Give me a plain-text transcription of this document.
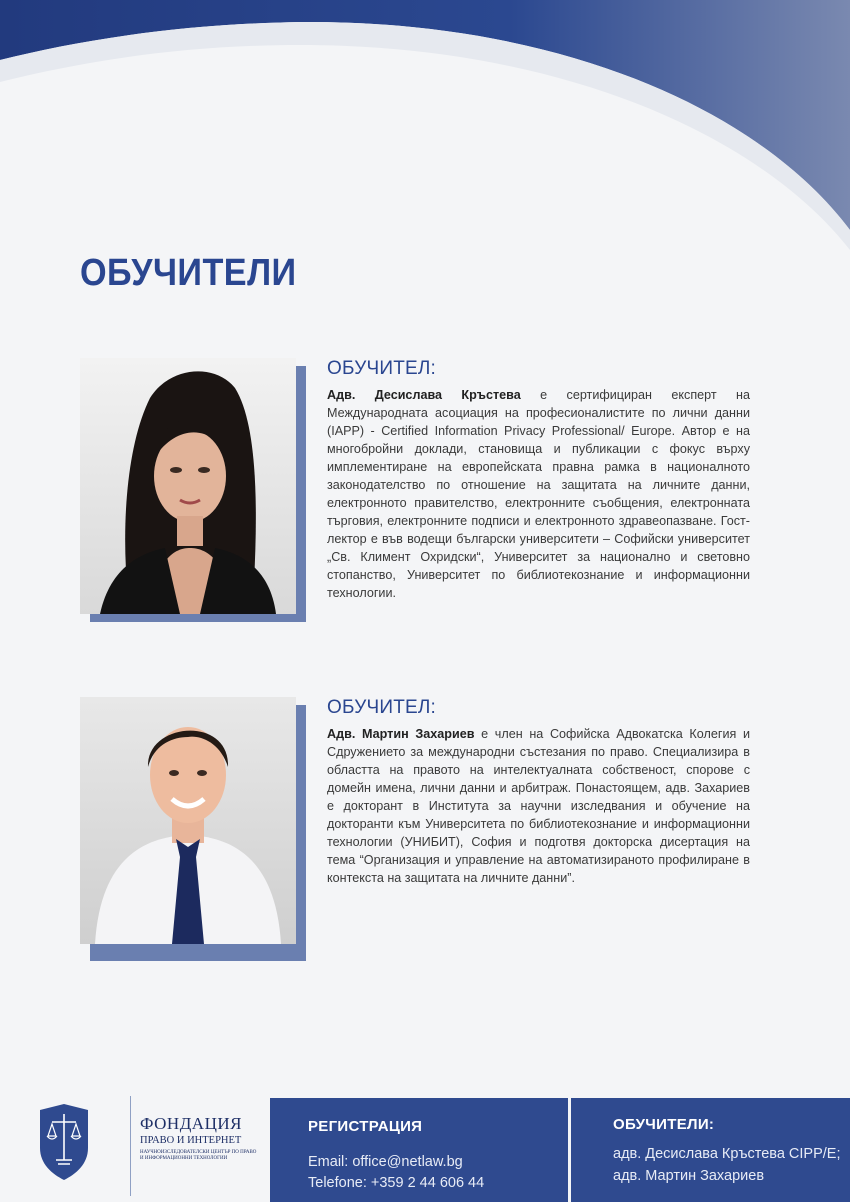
ОБУЧИТЕЛИ
ОБУЧИТЕЛ:

Адв. Десислава Кръстева е сертифициран експерт на Международната асоциация на професионалистите по лични данни (IAPP) - Certified Information Privacy Professional/ Europe. Автор е на многобройни доклади, становища и публикации с фокус върху имплементиране на европейската правна рамка в националното законодателство по отношение на защитата на личните данни, електронното правителство, електронните съобщения, електронната търговия, електронните подписи и електронното здравеопазване. Гост-лектор е във водещи български университети – Софийски университет „Св. Климент Охридски“, Университет за национално и световно стопанство, Университет по библиотекознание и информационни технологии.

ОБУЧИТЕЛ:

Адв. Мартин Захариев е член на Софийска Адвокатска Колегия и Сдружението за международни състезания по право. Специализира в областта на правото на интелектуалната собственост, спорове с домейн имена, лични данни и арбитраж. Понастоящем, адв. Захариев е докторант в Института за научни изследвания и обучение на докторанти към Университета по библиотекознание и информационни технологии (УНИБИТ), София и подготвя докторска дисертация на тема “Организация и управление на автоматизираното профилиране в контекста на защитата на личните данни”.

ФОНДАЦИЯ
ПРАВО И ИНТЕРНЕТ
НАУЧНОИЗСЛЕДОВАТЕЛСКИ ЦЕНТЪР ПО ПРАВО И ИНФОРМАЦИОННИ ТЕХНОЛОГИИ
РЕГИСТРАЦИЯ
Email: office@netlaw.bg
Telefone: +359 2 44 606 44
ОБУЧИТЕЛИ:
адв. Десислава Кръстева CIPP/E;
адв. Мартин Захариев
